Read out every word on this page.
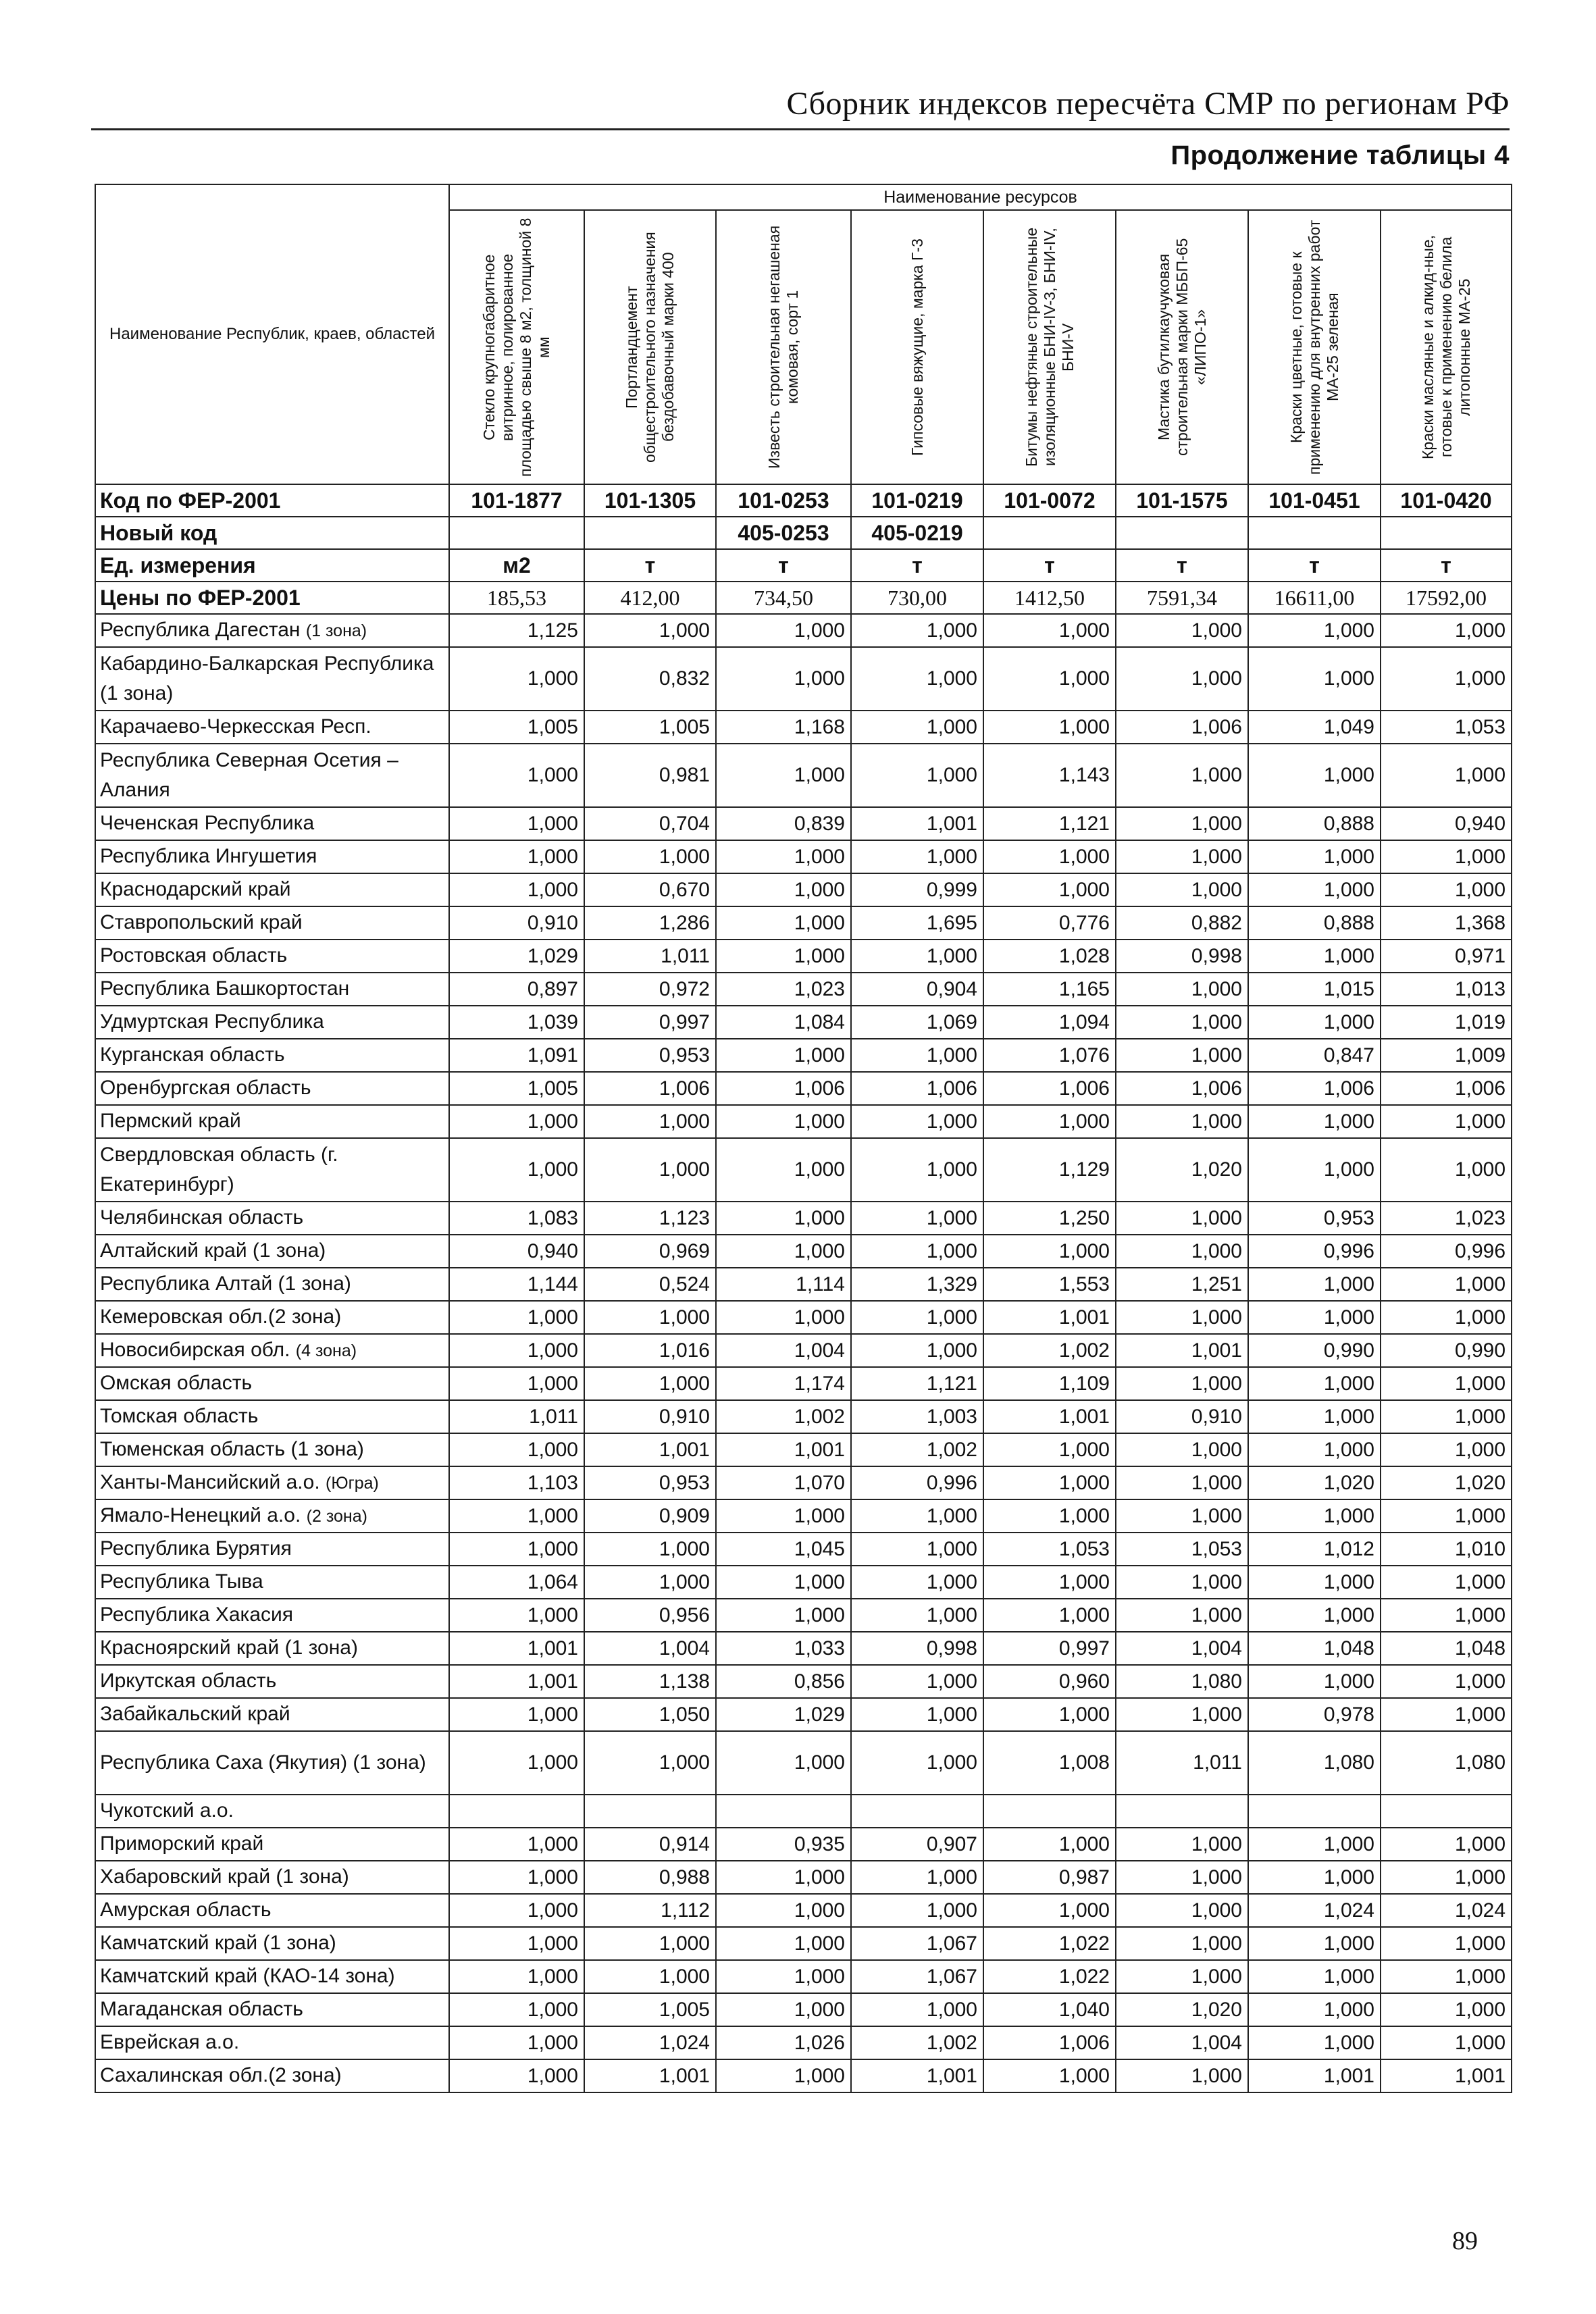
Сборник индексов пересчёта СМР по регионам РФ
Продолжение таблицы 4
Наименование Республик, краев, областей	Наименование ресурсов							

	Стекло крупногабаритное витринное, полированное площадью свыше 8 м2, толщиной 8 мм	Портландцемент общестроительного назначения бездобавочный марки 400	Известь строительная негашеная комовая, сорт 1	Гипсовые вяжущие, марка Г-3	Битумы нефтяные строительные изоляционные БНИ-IV-3, БНИ-IV, БНИ-V	Мастика бутилкаучуковая строительная марки МББП-65 «ЛИПО-1»	Краски цветные, готовые к применению для внутренних работ МА-25 зеленая	Краски масляные и алкид-ные, готовые к применению белила литопонные МА-25

Код по ФЕР-2001	101-1877	101-1305	101-0253	101-0219	101-0072	101-1575	101-0451	101-0420
Новый код			405-0253	405-0219				
Ед. измерения	м2	т	т	т	т	т	т	т
Цены по ФЕР-2001	185,53	412,00	734,50	730,00	1412,50	7591,34	16611,00	17592,00
Республика Дагестан (1 зона)	1,125	1,000	1,000	1,000	1,000	1,000	1,000	1,000
Кабардино-Балкарская Республика (1 зона)	1,000	0,832	1,000	1,000	1,000	1,000	1,000	1,000
Карачаево-Черкесская Респ.	1,005	1,005	1,168	1,000	1,000	1,006	1,049	1,053
Республика Северная Осетия – Алания	1,000	0,981	1,000	1,000	1,143	1,000	1,000	1,000
Чеченская Республика	1,000	0,704	0,839	1,001	1,121	1,000	0,888	0,940
Республика Ингушетия	1,000	1,000	1,000	1,000	1,000	1,000	1,000	1,000
Краснодарский край	1,000	0,670	1,000	0,999	1,000	1,000	1,000	1,000
Ставропольский край	0,910	1,286	1,000	1,695	0,776	0,882	0,888	1,368
Ростовская область	1,029	1,011	1,000	1,000	1,028	0,998	1,000	0,971
Республика Башкортостан	0,897	0,972	1,023	0,904	1,165	1,000	1,015	1,013
Удмуртская Республика	1,039	0,997	1,084	1,069	1,094	1,000	1,000	1,019
Курганская область	1,091	0,953	1,000	1,000	1,076	1,000	0,847	1,009
Оренбургская область	1,005	1,006	1,006	1,006	1,006	1,006	1,006	1,006
Пермский край	1,000	1,000	1,000	1,000	1,000	1,000	1,000	1,000
Свердловская область (г. Екатеринбург)	1,000	1,000	1,000	1,000	1,129	1,020	1,000	1,000
Челябинская область	1,083	1,123	1,000	1,000	1,250	1,000	0,953	1,023
Алтайский край (1 зона)	0,940	0,969	1,000	1,000	1,000	1,000	0,996	0,996
Республика Алтай (1 зона)	1,144	0,524	1,114	1,329	1,553	1,251	1,000	1,000
Кемеровская обл.(2 зона)	1,000	1,000	1,000	1,000	1,001	1,000	1,000	1,000
Новосибирская обл. (4 зона)	1,000	1,016	1,004	1,000	1,002	1,001	0,990	0,990
Омская область	1,000	1,000	1,174	1,121	1,109	1,000	1,000	1,000
Томская область	1,011	0,910	1,002	1,003	1,001	0,910	1,000	1,000
Тюменская область (1 зона)	1,000	1,001	1,001	1,002	1,000	1,000	1,000	1,000
Ханты-Мансийский а.о. (Югра)	1,103	0,953	1,070	0,996	1,000	1,000	1,020	1,020
Ямало-Ненецкий а.о. (2 зона)	1,000	0,909	1,000	1,000	1,000	1,000	1,000	1,000
Республика Бурятия	1,000	1,000	1,045	1,000	1,053	1,053	1,012	1,010
Республика Тыва	1,064	1,000	1,000	1,000	1,000	1,000	1,000	1,000
Республика Хакасия	1,000	0,956	1,000	1,000	1,000	1,000	1,000	1,000
Красноярский край (1 зона)	1,001	1,004	1,033	0,998	0,997	1,004	1,048	1,048
Иркутская область	1,001	1,138	0,856	1,000	0,960	1,080	1,000	1,000
Забайкальский край	1,000	1,050	1,029	1,000	1,000	1,000	0,978	1,000
Республика Саха (Якутия) (1 зона)	1,000	1,000	1,000	1,000	1,008	1,011	1,080	1,080
Чукотский а.о.								
Приморский край	1,000	0,914	0,935	0,907	1,000	1,000	1,000	1,000
Хабаровский край (1 зона)	1,000	0,988	1,000	1,000	0,987	1,000	1,000	1,000
Амурская область	1,000	1,112	1,000	1,000	1,000	1,000	1,024	1,024
Камчатский край (1 зона)	1,000	1,000	1,000	1,067	1,022	1,000	1,000	1,000
Камчатский край (КАО-14 зона)	1,000	1,000	1,000	1,067	1,022	1,000	1,000	1,000
Магаданская область	1,000	1,005	1,000	1,000	1,040	1,020	1,000	1,000
Еврейская а.о.	1,000	1,024	1,026	1,002	1,006	1,004	1,000	1,000
Сахалинская обл.(2 зона)	1,000	1,001	1,000	1,001	1,000	1,000	1,001	1,001
89
